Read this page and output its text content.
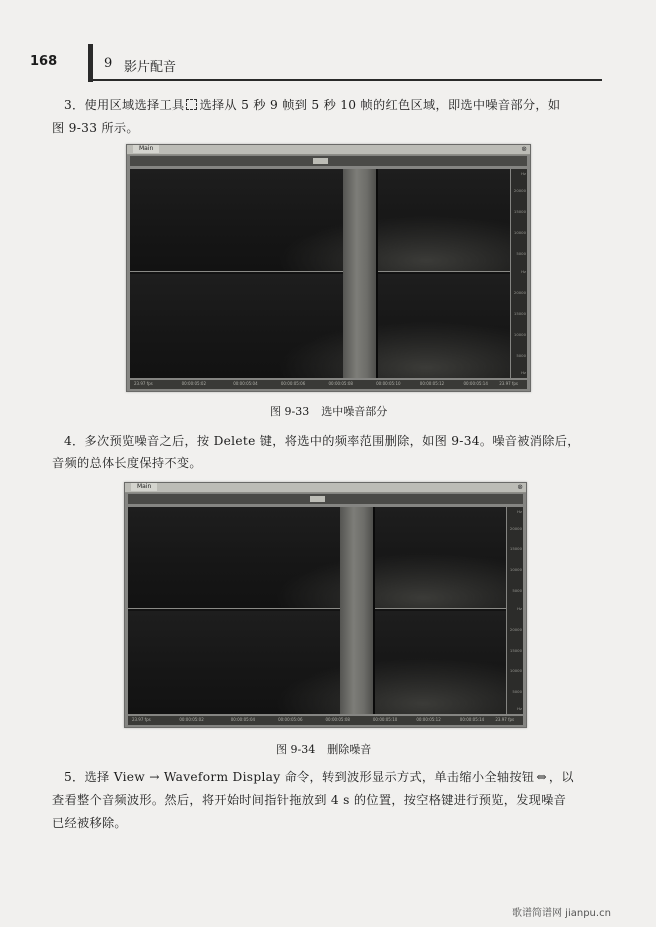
168	9 影片配音
3．使用区域选择工具 选择从 5 秒 9 帧到 5 秒 10 帧的红色区域，即选中噪音部分，如
图 9-33 所示。
Main	⊗
Hz
20000
15000
10000
5000
Hz
20000
15000
10000
5000
Hz
23.97 fps	00:00:05:02	00:00:05:04	00:00:05:06	00:00:05:08	00:00:05:10	00:00:05:12	00:00:05:14	23.97 fps
图 9-33 选中噪音部分
4．多次预览噪音之后，按 Delete 键，将选中的频率范围删除，如图 9-34。噪音被消除后，
音频的总体长度保持不变。
Main	⊗
Hz
20000
15000
10000
5000
Hz
20000
15000
10000
5000
Hz
23.97 fps	00:00:05:02	00:00:05:04	00:00:05:06	00:00:05:08	00:00:05:10	00:00:05:12	00:00:05:14	23.97 fps
图 9-34 删除噪音
5．选择 View → Waveform Display 命令，转到波形显示方式，单击缩小全轴按钮 ⇔ ，以
查看整个音频波形。然后，将开始时间指针拖放到 4 s 的位置，按空格键进行预览，发现噪音
已经被移除。
歌谱简谱网 jianpu.cn
